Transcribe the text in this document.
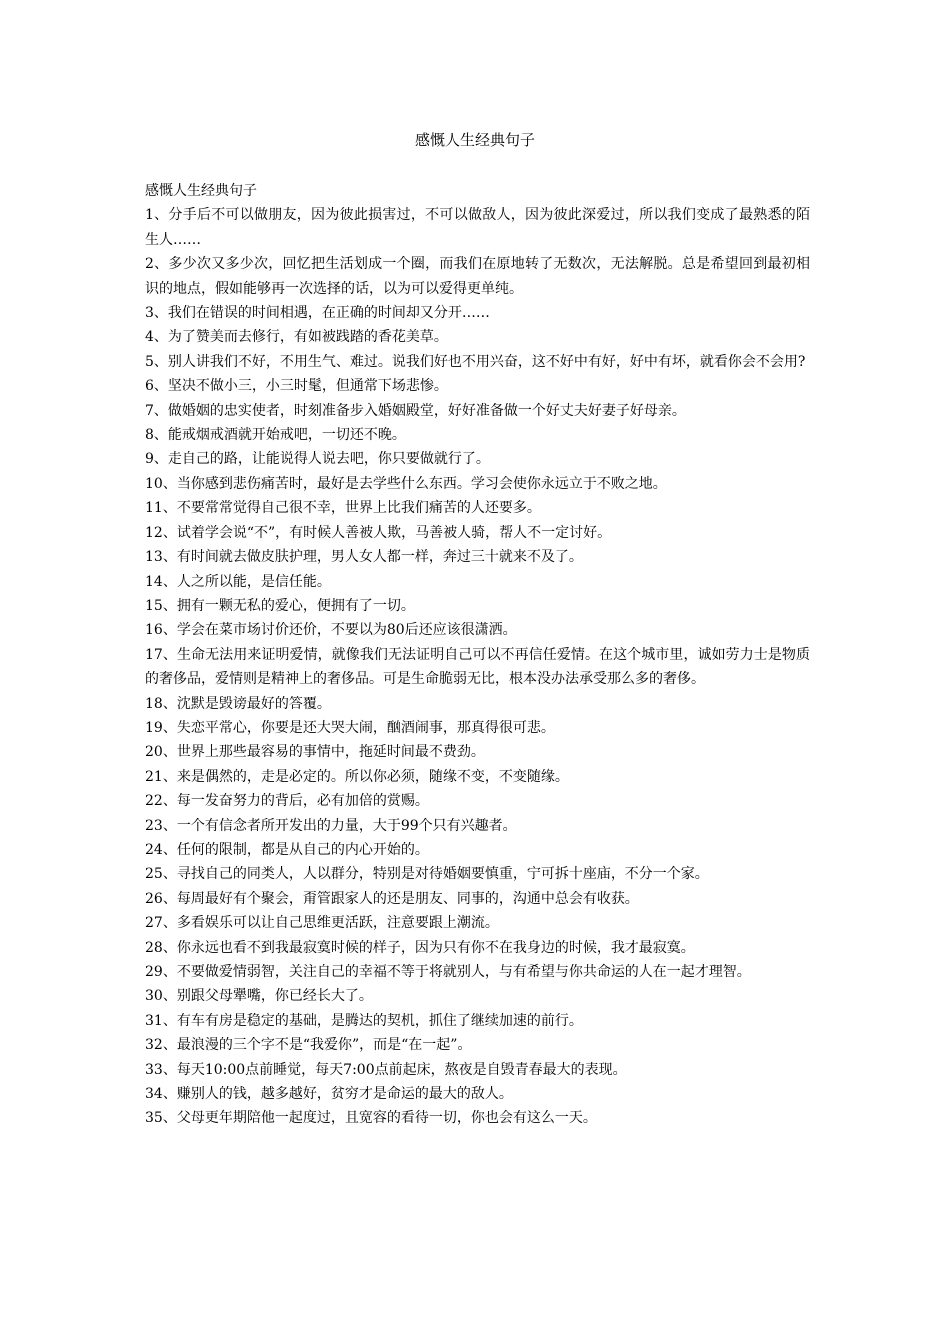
感慨人生经典句子

感慨人生经典句子

1、分手后不可以做朋友，因为彼此损害过，不可以做敌人，因为彼此深爱过，所以我们变成了最熟悉的陌生人……

2、多少次又多少次，回忆把生活划成一个圈，而我们在原地转了无数次，无法解脱。总是希望回到最初相识的地点，假如能够再一次选择的话，以为可以爱得更单纯。

3、我们在错误的时间相遇，在正确的时间却又分开……

4、为了赞美而去修行，有如被践踏的香花美草。

5、别人讲我们不好，不用生气、难过。说我们好也不用兴奋，这不好中有好，好中有坏，就看你会不会用?

6、坚决不做小三，小三时髦，但通常下场悲惨。

7、做婚姻的忠实使者，时刻准备步入婚姻殿堂，好好准备做一个好丈夫好妻子好母亲。

8、能戒烟戒酒就开始戒吧，一切还不晚。

9、走自己的路，让能说得人说去吧，你只要做就行了。

10、当你感到悲伤痛苦时，最好是去学些什么东西。学习会使你永远立于不败之地。

11、不要常常觉得自己很不幸，世界上比我们痛苦的人还要多。

12、试着学会说“不”，有时候人善被人欺，马善被人骑，帮人不一定讨好。

13、有时间就去做皮肤护理，男人女人都一样，奔过三十就来不及了。

14、人之所以能，是信任能。

15、拥有一颗无私的爱心，便拥有了一切。

16、学会在菜市场讨价还价，不要以为80后还应该很潇洒。

17、生命无法用来证明爱情，就像我们无法证明自己可以不再信任爱情。在这个城市里，诚如劳力士是物质的奢侈品，爱情则是精神上的奢侈品。可是生命脆弱无比，根本没办法承受那么多的奢侈。

18、沈默是毁谤最好的答覆。

19、失恋平常心，你要是还大哭大闹，酗酒闹事，那真得很可悲。

20、世界上那些最容易的事情中，拖延时间最不费劲。

21、来是偶然的，走是必定的。所以你必须，随缘不变，不变随缘。

22、每一发奋努力的背后，必有加倍的赏赐。

23、一个有信念者所开发出的力量，大于99个只有兴趣者。

24、任何的限制，都是从自己的内心开始的。

25、寻找自己的同类人，人以群分，特别是对待婚姻要慎重，宁可拆十座庙，不分一个家。

26、每周最好有个聚会，甭管跟家人的还是朋友、同事的，沟通中总会有收获。

27、多看娱乐可以让自己思维更活跃，注意要跟上潮流。

28、你永远也看不到我最寂寞时候的样子，因为只有你不在我身边的时候，我才最寂寞。

29、不要做爱情弱智，关注自己的幸福不等于将就别人，与有希望与你共命运的人在一起才理智。

30、别跟父母犟嘴，你已经长大了。

31、有车有房是稳定的基础，是腾达的契机，抓住了继续加速的前行。

32、最浪漫的三个字不是“我爱你”，而是“在一起”。

33、每天10:00点前睡觉，每天7:00点前起床，熬夜是自毁青春最大的表现。

34、赚别人的钱，越多越好，贫穷才是命运的最大的敌人。

35、父母更年期陪他一起度过，且宽容的看待一切，你也会有这么一天。
